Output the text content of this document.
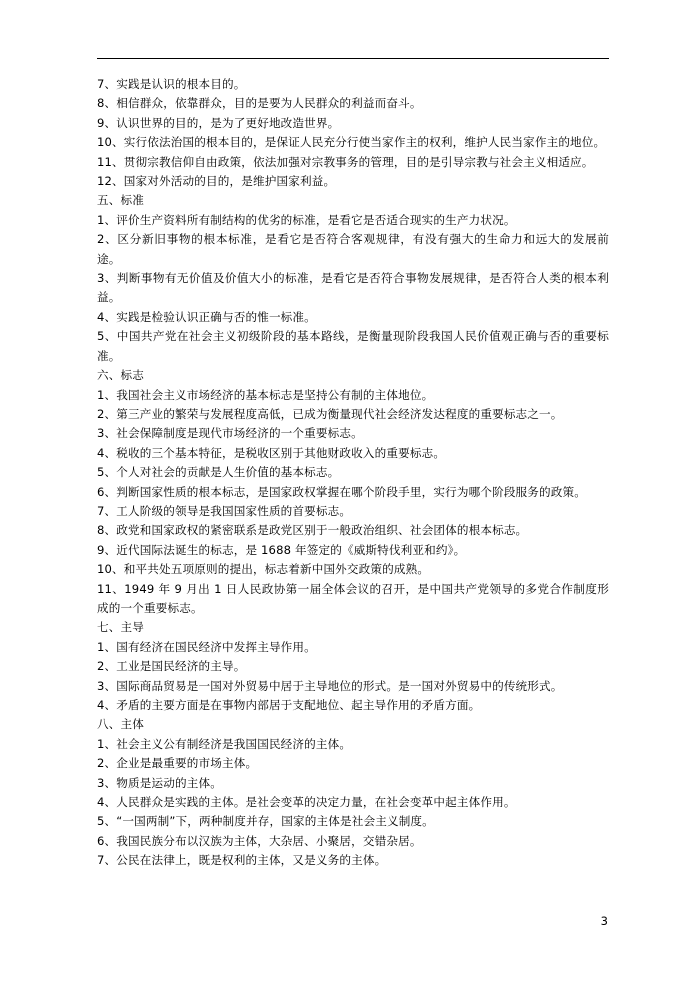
7、实践是认识的根本目的。

8、相信群众，依靠群众，目的是要为人民群众的利益而奋斗。

9、认识世界的目的，是为了更好地改造世界。

10、实行依法治国的根本目的，是保证人民充分行使当家作主的权利，维护人民当家作主的地位。

11、贯彻宗教信仰自由政策，依法加强对宗教事务的管理，目的是引导宗教与社会主义相适应。

12、国家对外活动的目的，是维护国家利益。

五、标准

1、评价生产资料所有制结构的优劣的标准，是看它是否适合现实的生产力状况。

2、区分新旧事物的根本标准，是看它是否符合客观规律，有没有强大的生命力和远大的发展前途。

3、判断事物有无价值及价值大小的标准，是看它是否符合事物发展规律，是否符合人类的根本利益。

4、实践是检验认识正确与否的惟一标准。

5、中国共产党在社会主义初级阶段的基本路线，是衡量现阶段我国人民价值观正确与否的重要标准。

六、标志

1、我国社会主义市场经济的基本标志是坚持公有制的主体地位。

2、第三产业的繁荣与发展程度高低，已成为衡量现代社会经济发达程度的重要标志之一。

3、社会保障制度是现代市场经济的一个重要标志。

4、税收的三个基本特征，是税收区别于其他财政收入的重要标志。

5、个人对社会的贡献是人生价值的基本标志。

6、判断国家性质的根本标志，是国家政权掌握在哪个阶段手里，实行为哪个阶段服务的政策。

7、工人阶级的领导是我国国家性质的首要标志。

8、政党和国家政权的紧密联系是政党区别于一般政治组织、社会团体的根本标志。

9、近代国际法诞生的标志，是 1688 年签定的《威斯特伐利亚和约》。

10、和平共处五项原则的提出，标志着新中国外交政策的成熟。

11、1949 年 9 月出 1 日人民政协第一届全体会议的召开，是中国共产党领导的多党合作制度形成的一个重要标志。

七、主导

1、国有经济在国民经济中发挥主导作用。

2、工业是国民经济的主导。

3、国际商品贸易是一国对外贸易中居于主导地位的形式。是一国对外贸易中的传统形式。

4、矛盾的主要方面是在事物内部居于支配地位、起主导作用的矛盾方面。

八、主体

1、社会主义公有制经济是我国国民经济的主体。

2、企业是最重要的市场主体。

3、物质是运动的主体。

4、人民群众是实践的主体。是社会变革的决定力量，在社会变革中起主体作用。

5、“一国两制”下，两种制度并存，国家的主体是社会主义制度。

6、我国民族分布以汉族为主体，大杂居、小聚居，交错杂居。

7、公民在法律上，既是权利的主体，又是义务的主体。

3
